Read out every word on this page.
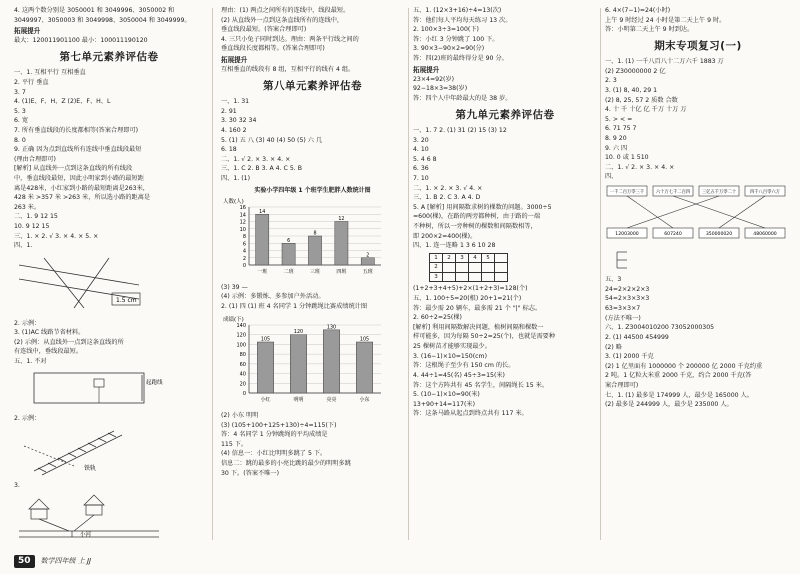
4. 这两个数分别是 3050001 和 3049996、3050002 和
3049997、3050003 和 3049998、3050004 和 3049999。
拓展提升
最大：120011901100 最小：100011190120
第七单元素养评估卷
一、1. 互相平行 互相垂直
2. 平行 垂直
3. 7
4. (1)E、F、H、Z (2)E、F、H、L
5. 3
6. 宽
7. 所有垂直线段的长度都相等(答案合理即可)
8. 0
9. 正确 因为点到直线所有连线中垂直线段最短
(理由合理即可)
[解析] 从直线外一点到这条直线的所有线段
中，垂直线段最短，因此小明家到小路的最短距
离是428米，小红家到小路的最短距离是263米，
428 米 >357 米 >263 米，所以选小路的距离是
263 米。
二、1. 9 12 15
10. 9 12 15
三、1. × 2. √ 3. × 4. × 5. ×
四、1.
1.5 cm
2. 示例：
3. (1)AC 线路节省材料。
(2) 示例：从直线外一点到这条直线的所
有连线中，垂线段最短。
五、1. 不对
起跑线
2. 示例：
铁轨
3.
小河
理由：(1) 两点之间所有的连线中，线段最短。
(2) 从直线外一点到这条直线所有的连线中，
垂直线段最短。(答案合理即可)
4. 三只小兔子同时到达。理由：两条平行线之间的
垂直线段长度都相等。(答案合理即可)
拓展提升
互相垂直的线段有 8 组，互相平行的线有 4 组。
第八单元素养评估卷
一、1. 31
2. 91
3. 30 32 34
4. 160 2
5. (1) 五 八 (3) 40 (4) 50 (5) 六 几
6. 18
二、1. √ 2. × 3. × 4. ×
三、1. C 2. B 3. A 4. C 5. B
四、1. (1)
实验小学四年级 1 个班学生肥胖人数统计图
人数(人)
16
14
12
10
8
6
4
2
0
一班
14
二班
6
三班
8
四班
12
五班
2
(3) 39 —
(4) 示例：多锻炼、多参加户外活动。
2. (1) 四 (1) 班 4 名同学 1 分钟跳绳比赛成绩统计图
成绩(下)
140
120
100
80
60
40
20
0
小红
105
明明
120
亮亮
130
小东
105
(2) 小东 明明
(3) (105+100+125+130)÷4=115(下)
答：4 名同学 1 分钟跳绳的平均成绩是
115 下。
(4) 信息一：小红比明明多跳了 5 下。
信息二：跳的最多的小亮比跳的最少的明明多跳
30 下。(答案不唯一)
五、1. (12×3+16)÷4=13(次)
答：他们每人平均每天练习 13 次。
2. 100×3÷3=100(下)
答：小红 3 分钟跳了 100 下。
3. 90×3−90×2=90(分)
答：四(2)班的最终得分是 90 分。
拓展提升
23×4=92(岁)
92−18×3=38(岁)
答：四个人中年龄最大的是 38 岁。
第九单元素养评估卷
一、1. 7 2. (1) 31 (2) 15 (3) 12
3. 20
4. 10
5. 4 6 8
6. 36
7. 10
二、1. × 2. × 3. √ 4. ×
三、1. B 2. C 3. A 4. D
5. A [解析] 用间隔数求树的棵数的问题。3000÷5
=600(棵)，在路的两旁都种树，由于路的一端
不种树，所以一旁种树的棵数和间隔数相等，
即 200×2=400(棵)。
四、1. 连一连略 1 3 6 10 28
1	2	3	4	5	
2					
3					
(1+2+3+4+5)+2×(1+2+3)=128(个)
五、1. 100÷5=20(根) 20+1=21(个)
答：最少需 20 辆车，最多需 21 个 "|" 标志。
2. 60÷2=25(棵)
[解析] 利用间隔数解决问题，植树间隔和棵数一
样可能多，因为每隔 50÷2=25(个)，也就是需要种
25 棵树苗才能够实现最少。
3. (16−1)×10=150(cm)
答：这根绳子至少有 150 cm 的长。
4. 44÷1=45(名) 45÷3=15(米)
答：这个方阵共有 45 名学生，间隔绳长 15 米。
5. (10−1)×10=90(米)
13+90+14=117(米)
答：这条马路从起点到终点共有 117 米。
6. 4×(7−1)=24(小时)
上午 9 时经过 24 小时是第二天上午 9 时。
答：小明第二天上午 9 时到达。
期末专项复习(一)
一、1. (1) 一千八百八十二万六千 1883 万
(2) Z30000000 2 亿
2. 3
3. (1) 8, 40, 29 1
(2) 8, 25, 57 2 质数 合数
4. 十 千 十亿 亿 千万 十万 万
5. > < =
6. 71 75 7
8. 9 20
9. 六 四
10. 0 或 1 510
二、1. √ 2. × 3. × 4. ×
四、
一千二百万零三千	六十万七千二百四	三亿五千万零二十	四千八百零六万
12003000	607240	350000020	48060000

五、3
24=2×2×2×3
54=2×3×3×3
63=3×3×7
(方法不唯一)
六、1. Z3004010200 73052000305
2. (1) 44500 454999
(2) 略
3. (1) 2000 千克
(2) 1 亿里面有 1000000 个 200000 亿 2000 千克约重
2 吨。1 亿粒大米重 2000 千克，约合 2000 千克(答
案合理即可)
七、1. (1) 最多是 174999 人，最少是 165000 人。
(2) 最多是 244999 人，最少是 235000 人。
50	数学四年级 上 JJ
